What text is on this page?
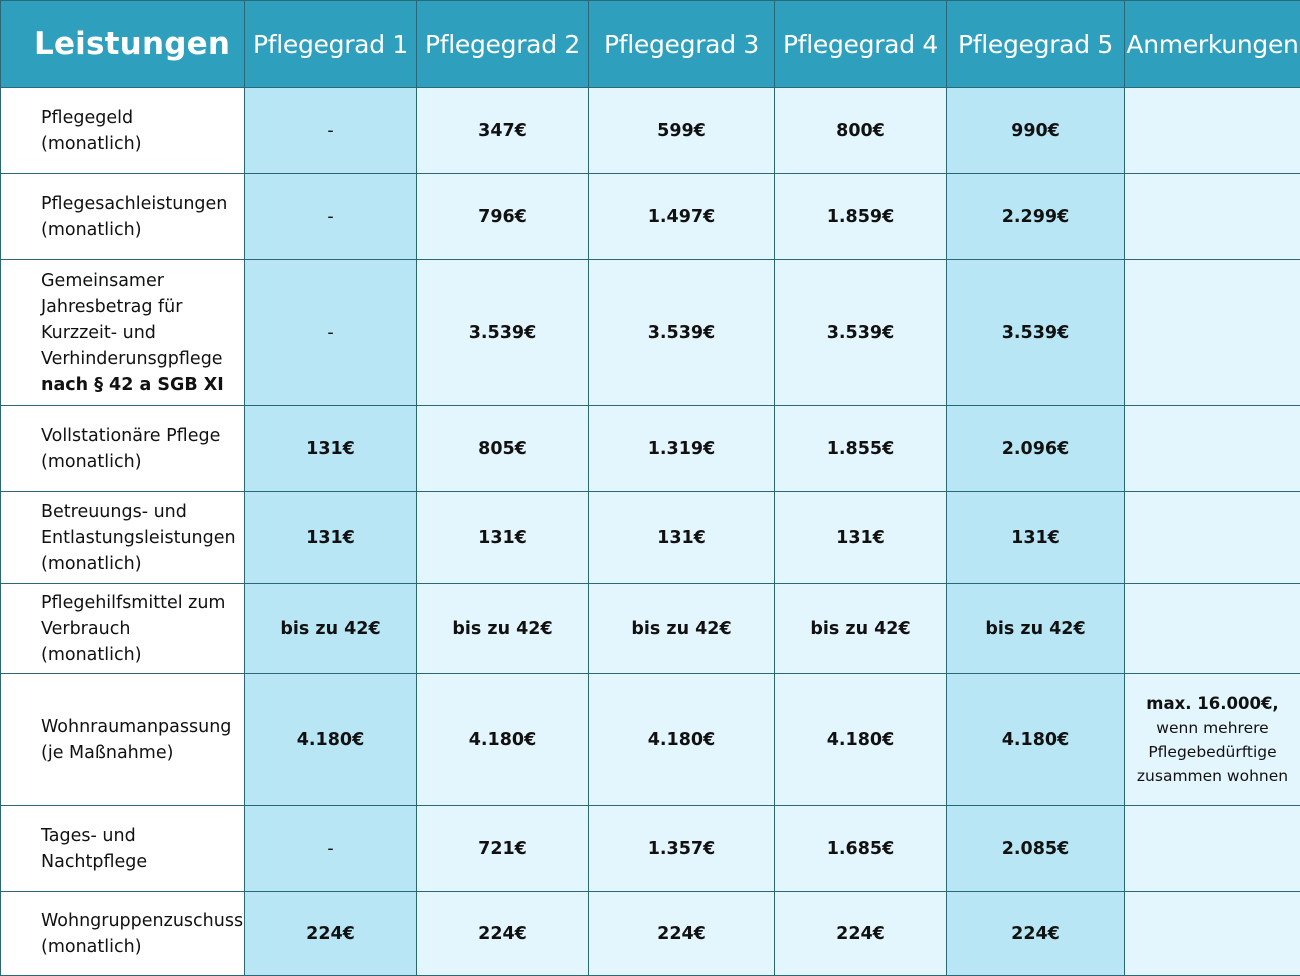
Leistungen	Pflegegrad 1	Pflegegrad 2	Pflegegrad 3	Pflegegrad 4	Pflegegrad 5	Anmerkungen

Pflegegeld (monatlich)	-	347€	599€	800€	990€	

Pflegesachleistungen
(monatlich)	-	796€	1.497€	1.859€	2.299€	

Gemeinsamer
Jahresbetrag für
Kurzzeit- und
Verhinderunsgpflege
nach § 42 a SGB XI	-	3.539€	3.539€	3.539€	3.539€	

Vollstationäre Pflege
(monatlich)	131€	805€	1.319€	1.855€	2.096€	

Betreuungs- und
Entlastungsleistungen
(monatlich)	131€	131€	131€	131€	131€	

Pflegehilfsmittel zum
Verbrauch (monatlich)	bis zu 42€	bis zu 42€	bis zu 42€	bis zu 42€	bis zu 42€	

Wohnraumanpassung
(je Maßnahme)	4.180€	4.180€	4.180€	4.180€	4.180€	max. 16.000€,
wenn mehrere
Pflegebedürftige
zusammen wohnen

Tages- und
Nachtpflege	-	721€	1.357€	1.685€	2.085€	

Wohngruppenzuschuss
(monatlich)	224€	224€	224€	224€	224€	
